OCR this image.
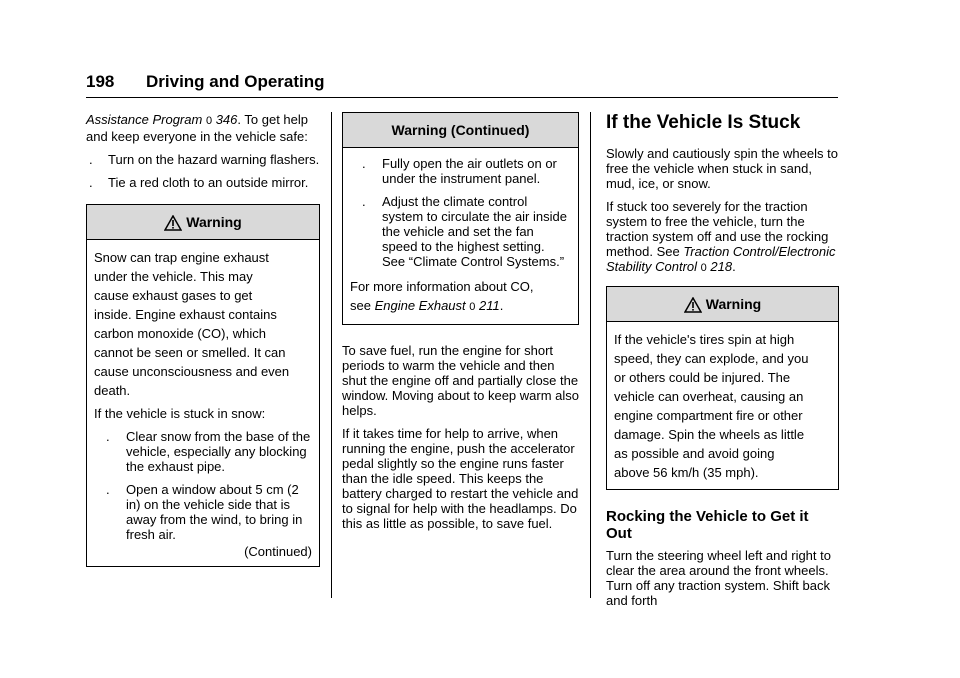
198 Driving and Operating

Assistance Program 0 346. To get help and keep everyone in the vehicle safe:

. Turn on the hazard warning flashers.
. Tie a red cloth to an outside mirror.
Warning

Snow can trap engine exhaust
under the vehicle. This may
cause exhaust gases to get
inside. Engine exhaust contains
carbon monoxide (CO), which
cannot be seen or smelled. It can
cause unconsciousness and even
death.

If the vehicle is stuck in snow:

. Clear snow from the base of the vehicle, especially any blocking the exhaust pipe.
. Open a window about 5 cm (2 in) on the vehicle side that is away from the wind, to bring in fresh air.
(Continued)
Warning (Continued)
. Fully open the air outlets on or under the instrument panel.
. Adjust the climate control system to circulate the air inside the vehicle and set the fan speed to the highest setting. See “Climate Control Systems.”

For more information about CO,
see Engine Exhaust 0 211.

To save fuel, run the engine for short periods to warm the vehicle and then shut the engine off and partially close the window. Moving about to keep warm also helps.

If it takes time for help to arrive, when running the engine, push the accelerator pedal slightly so the engine runs faster than the idle speed. This keeps the battery charged to restart the vehicle and to signal for help with the headlamps. Do this as little as possible, to save fuel.

If the Vehicle Is Stuck

Slowly and cautiously spin the wheels to free the vehicle when stuck in sand, mud, ice, or snow.

If stuck too severely for the traction system to free the vehicle, turn the traction system off and use the rocking method. See Traction Control/Electronic Stability Control 0 218.

Warning

If the vehicle's tires spin at high
speed, they can explode, and you
or others could be injured. The
vehicle can overheat, causing an
engine compartment fire or other
damage. Spin the wheels as little
as possible and avoid going
above 56 km/h (35 mph).

Rocking the Vehicle to Get it Out

Turn the steering wheel left and right to clear the area around the front wheels. Turn off any traction system. Shift back and forth
